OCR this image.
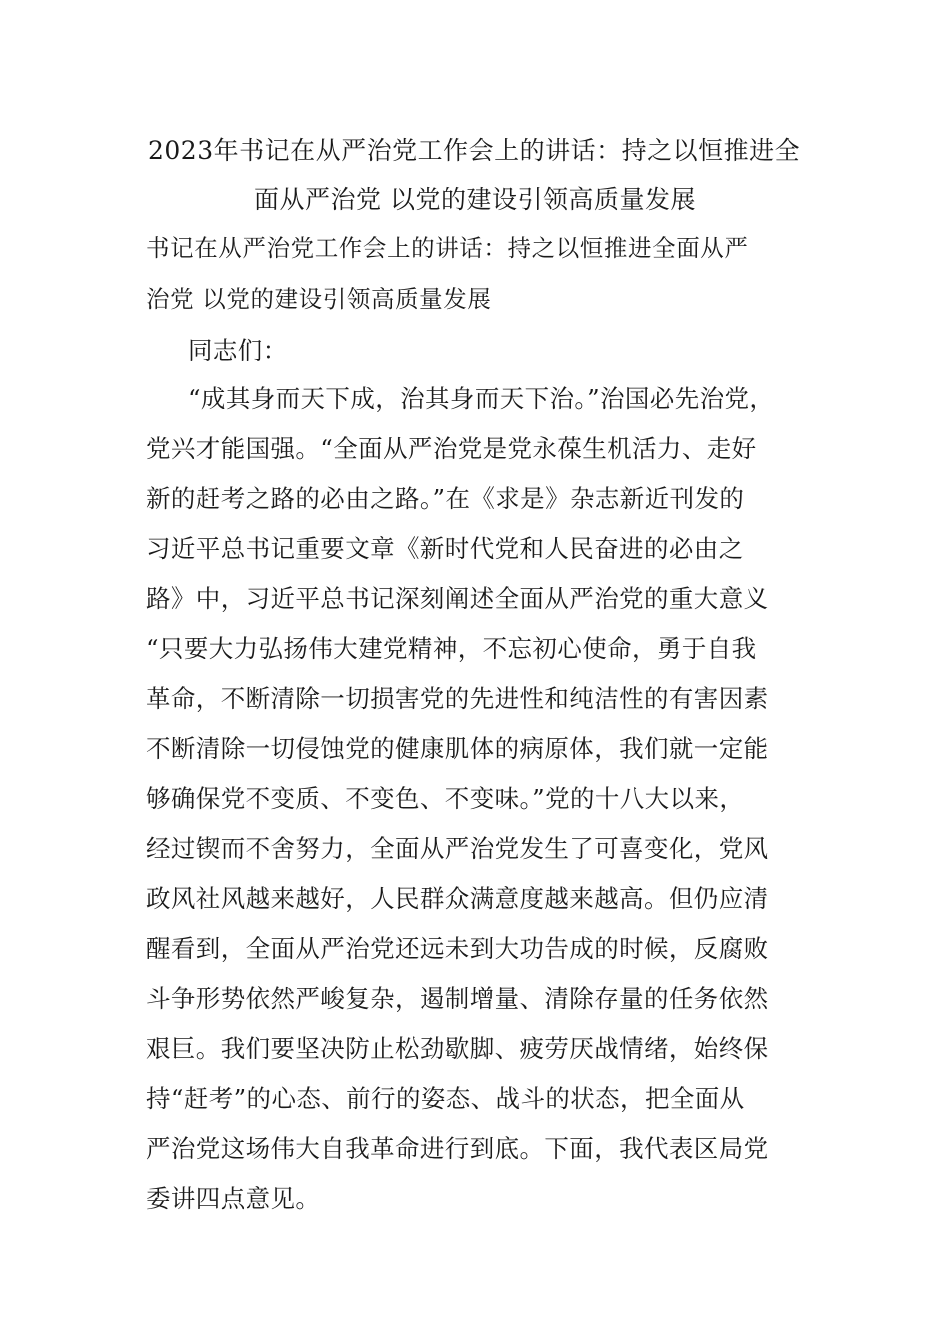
2023年书记在从严治党工作会上的讲话：持之以恒推进全
面从严治党 以党的建设引领高质量发展
书记在从严治党工作会上的讲话：持之以恒推进全面从严
治党 以党的建设引领高质量发展
同志们：
“成其身而天下成，治其身而天下治。”治国必先治党，
党兴才能国强。“全面从严治党是党永葆生机活力、走好
新的赶考之路的必由之路。”在《求是》杂志新近刊发的
习近平总书记重要文章《新时代党和人民奋进的必由之
路》中，习近平总书记深刻阐述全面从严治党的重大意义
“只要大力弘扬伟大建党精神，不忘初心使命，勇于自我
革命，不断清除一切损害党的先进性和纯洁性的有害因素
不断清除一切侵蚀党的健康肌体的病原体，我们就一定能
够确保党不变质、不变色、不变味。”党的十八大以来，
经过锲而不舍努力，全面从严治党发生了可喜变化，党风
政风社风越来越好，人民群众满意度越来越高。但仍应清
醒看到，全面从严治党还远未到大功告成的时候，反腐败
斗争形势依然严峻复杂，遏制增量、清除存量的任务依然
艰巨。我们要坚决防止松劲歇脚、疲劳厌战情绪，始终保
持“赶考”的心态、前行的姿态、战斗的状态，把全面从
严治党这场伟大自我革命进行到底。下面，我代表区局党
委讲四点意见。
